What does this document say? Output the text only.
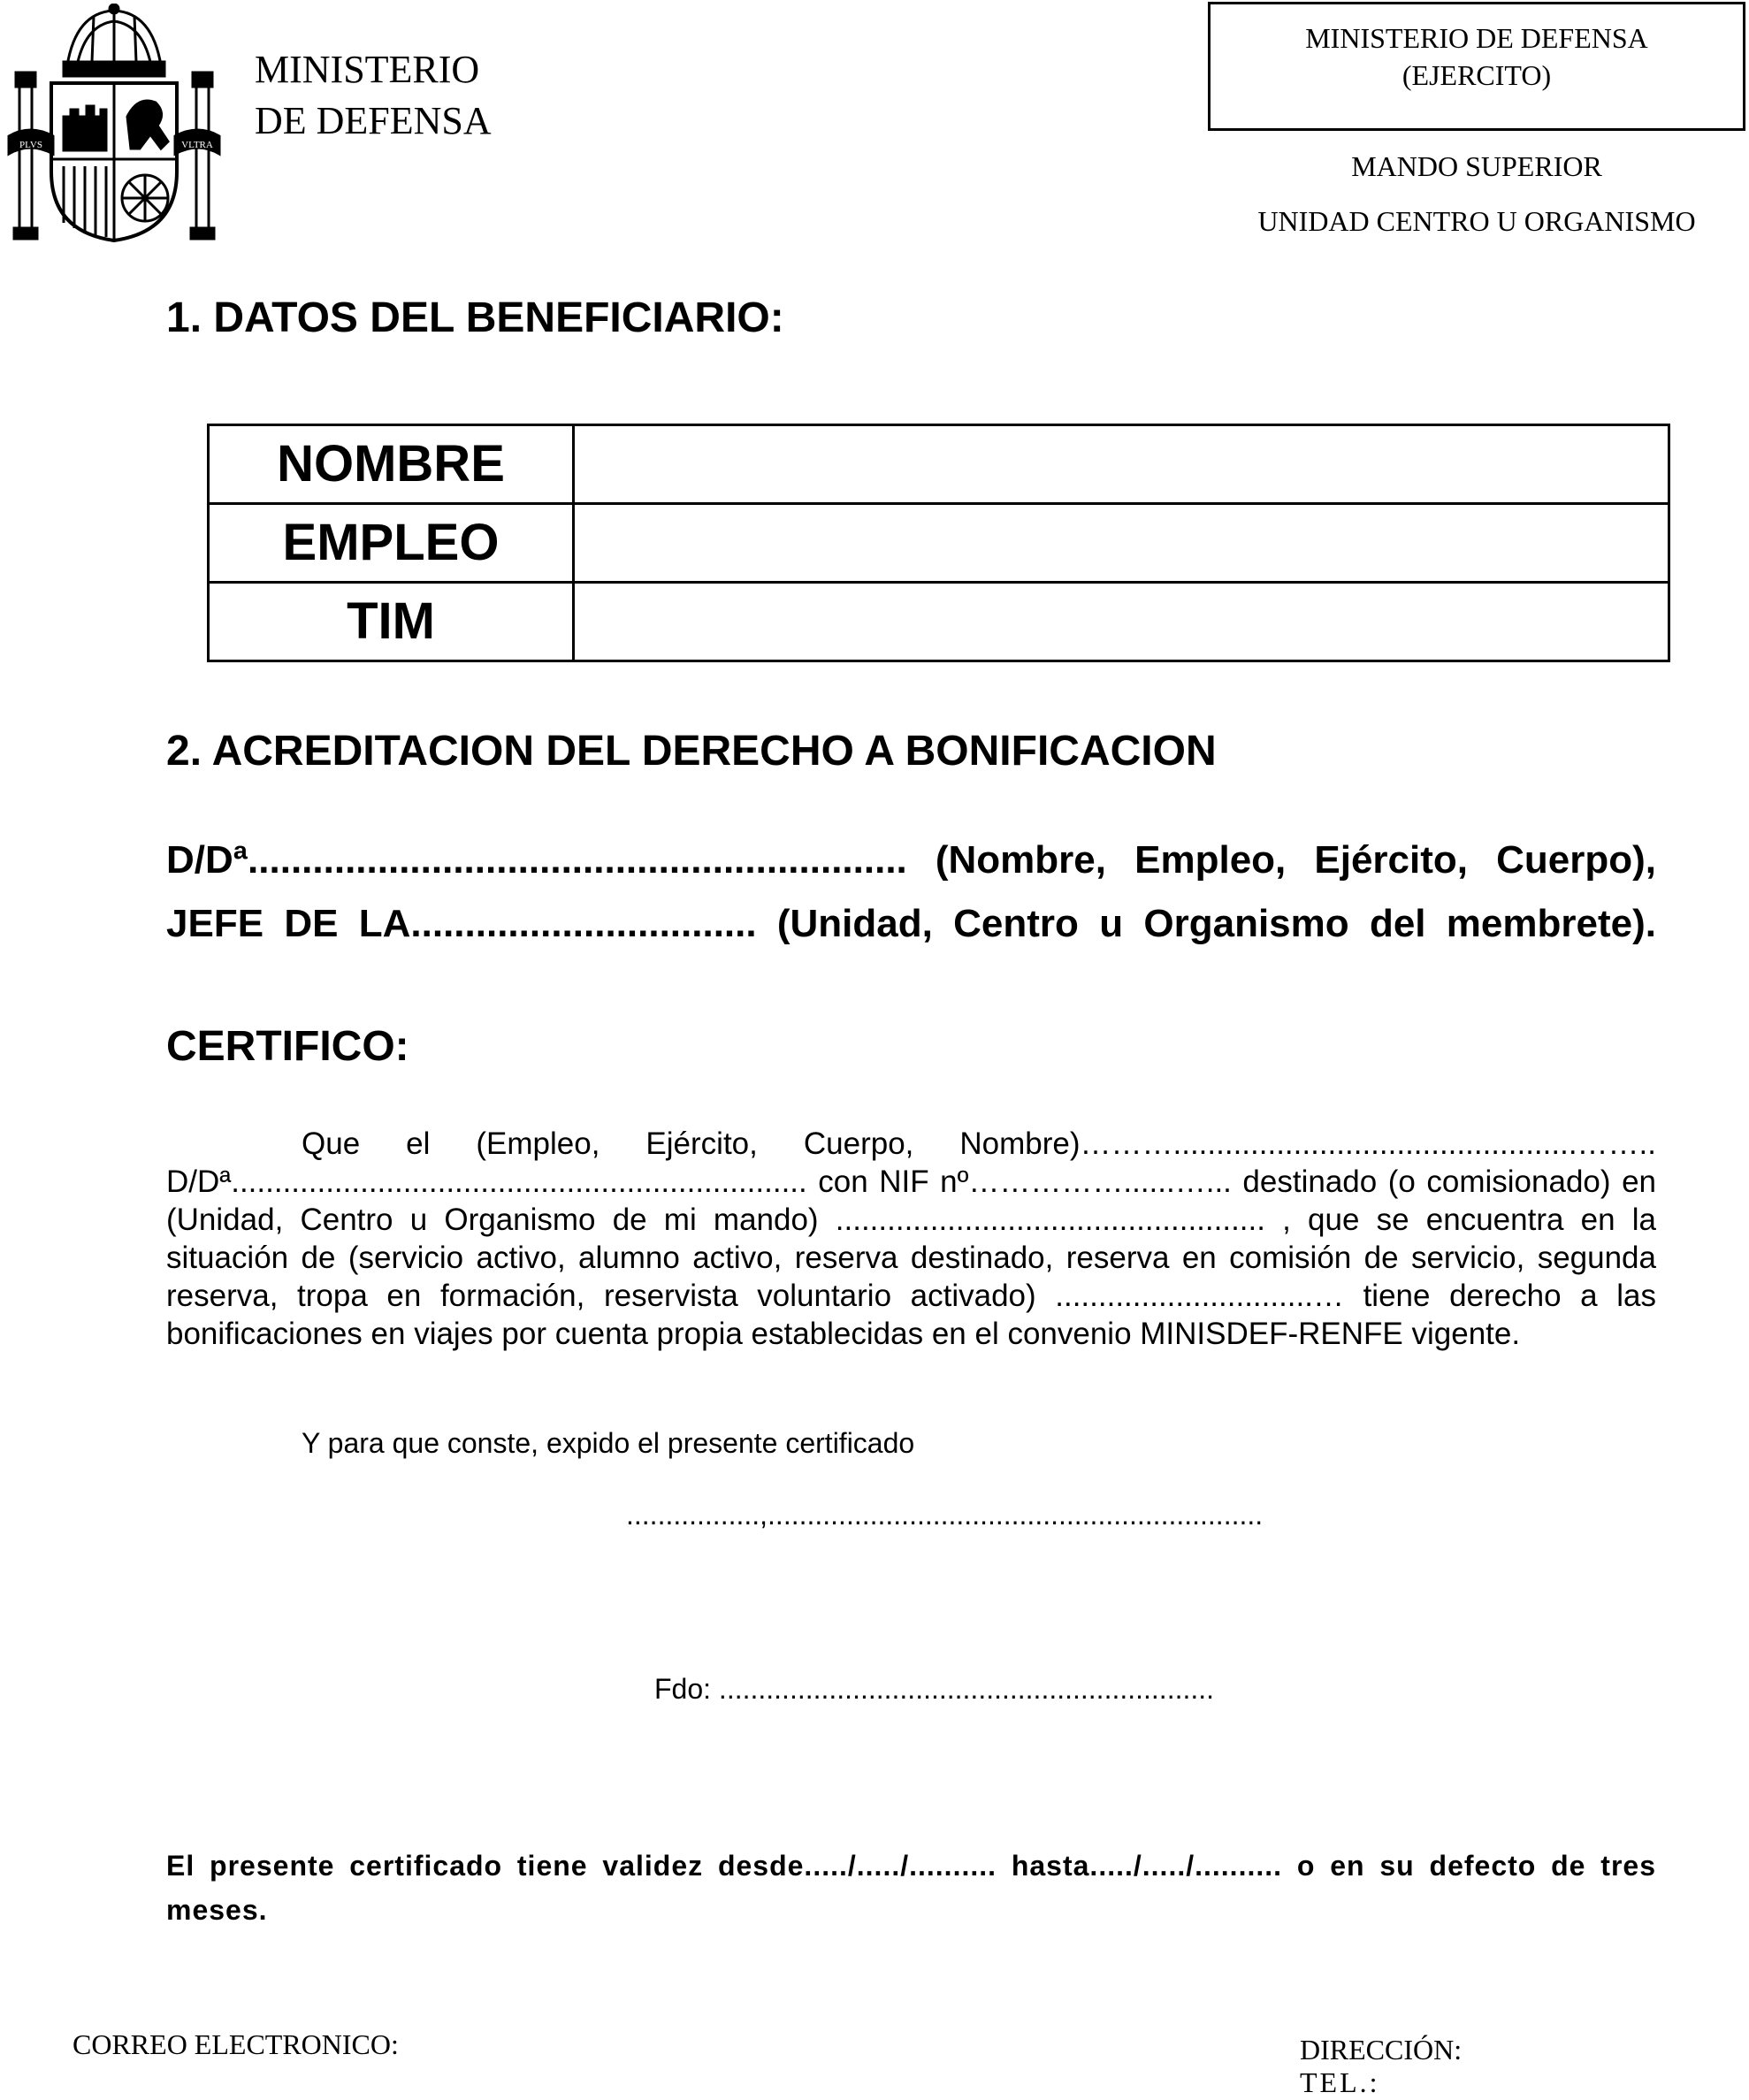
PLVS	VLTRA
MINISTERIO
DE DEFENSA
MINISTERIO DE DEFENSA
(EJERCITO)
MANDO SUPERIOR
UNIDAD CENTRO U ORGANISMO
1. DATOS DEL BENEFICIARIO:
NOMBRE	
EMPLEO	
TIM	
2. ACREDITACION DEL DERECHO A BONIFICACION
D/Dª............................................................. (Nombre, Empleo, Ejército, Cuerpo),
JEFE DE LA................................ (Unidad, Centro u Organismo del membrete).
CERTIFICO:
Que el (Empleo, Ejército, Cuerpo, Nombre)………...............................................…….. D/Dª................................................................... con NIF nº……………......…... destinado (o comisionado) en (Unidad, Centro u Organismo de mi mando) .................................................. , que se encuentra en la situación de (servicio activo, alumno activo, reserva destinado, reserva en comisión de servicio, segunda reserva, tropa en formación, reservista voluntario activado) ..............................… tiene derecho a las bonificaciones en viajes por cuenta propia establecidas en el convenio MINISDEF-RENFE vigente.
Y para que conste, expido el presente certificado
.................,...............................................................
Fdo: ...............................................................
El presente certificado tiene validez desde...../...../.......... hasta...../...../.......... o en su defecto de tres meses.
CORREO ELECTRONICO:	DIRECCIÓN:
TEL.:
